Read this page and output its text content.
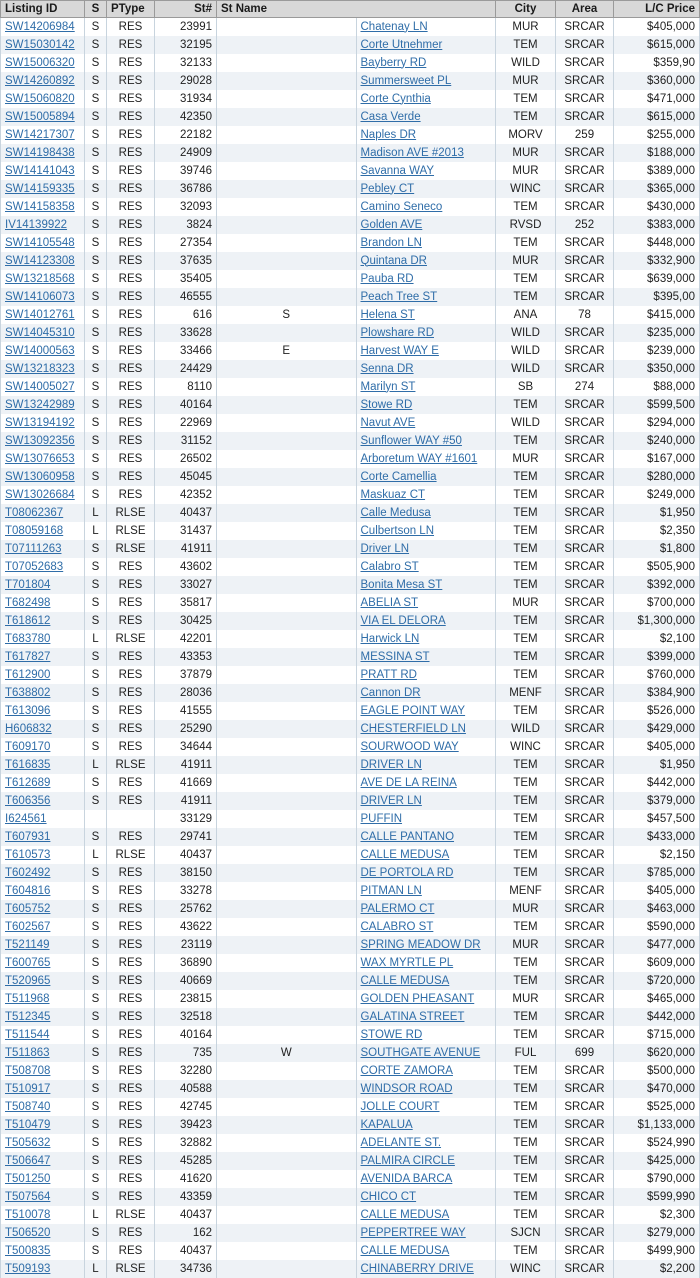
Listing ID	S	PType	St#	St Name		City	Area	L/C Price
SW14206984	S	RES	23991		Chatenay LN	MUR	SRCAR	$405,000
SW15030142	S	RES	32195		Corte Utnehmer	TEM	SRCAR	$615,000
SW15006320	S	RES	32133		Bayberry RD	WILD	SRCAR	$359,90
SW14260892	S	RES	29028		Summersweet PL	MUR	SRCAR	$360,000
SW15060820	S	RES	31934		Corte Cynthia	TEM	SRCAR	$471,000
SW15005894	S	RES	42350		Casa Verde	TEM	SRCAR	$615,000
SW14217307	S	RES	22182		Naples DR	MORV	259	$255,000
SW14198438	S	RES	24909		Madison AVE #2013	MUR	SRCAR	$188,000
SW14141043	S	RES	39746		Savanna WAY	MUR	SRCAR	$389,000
SW14159335	S	RES	36786		Pebley CT	WINC	SRCAR	$365,000
SW14158358	S	RES	32093		Camino Seneco	TEM	SRCAR	$430,000
IV14139922	S	RES	3824		Golden AVE	RVSD	252	$383,000
SW14105548	S	RES	27354		Brandon LN	TEM	SRCAR	$448,000
SW14123308	S	RES	37635		Quintana DR	MUR	SRCAR	$332,900
SW13218568	S	RES	35405		Pauba RD	TEM	SRCAR	$639,000
SW14106073	S	RES	46555		Peach Tree ST	TEM	SRCAR	$395,00
SW14012761	S	RES	616	S	Helena ST	ANA	78	$415,000
SW14045310	S	RES	33628		Plowshare RD	WILD	SRCAR	$235,000
SW14000563	S	RES	33466	E	Harvest WAY E	WILD	SRCAR	$239,000
SW13218323	S	RES	24429		Senna DR	WILD	SRCAR	$350,000
SW14005027	S	RES	8110		Marilyn ST	SB	274	$88,000
SW13242989	S	RES	40164		Stowe RD	TEM	SRCAR	$599,500
SW13194192	S	RES	22969		Navut AVE	WILD	SRCAR	$294,000
SW13092356	S	RES	31152		Sunflower WAY #50	TEM	SRCAR	$240,000
SW13076653	S	RES	26502		Arboretum WAY #1601	MUR	SRCAR	$167,000
SW13060958	S	RES	45045		Corte Camellia	TEM	SRCAR	$280,000
SW13026684	S	RES	42352		Maskuaz CT	TEM	SRCAR	$249,000
T08062367	L	RLSE	40437		Calle Medusa	TEM	SRCAR	$1,950
T08059168	L	RLSE	31437		Culbertson LN	TEM	SRCAR	$2,350
T07111263	S	RLSE	41911		Driver LN	TEM	SRCAR	$1,800
T07052683	S	RES	43602		Calabro ST	TEM	SRCAR	$505,900
T701804	S	RES	33027		Bonita Mesa ST	TEM	SRCAR	$392,000
T682498	S	RES	35817		ABELIA ST	MUR	SRCAR	$700,000
T618612	S	RES	30425		VIA EL DELORA	TEM	SRCAR	$1,300,000
T683780	L	RLSE	42201		Harwick LN	TEM	SRCAR	$2,100
T617827	S	RES	43353		MESSINA ST	TEM	SRCAR	$399,000
T612900	S	RES	37879		PRATT RD	TEM	SRCAR	$760,000
T638802	S	RES	28036		Cannon DR	MENF	SRCAR	$384,900
T613096	S	RES	41555		EAGLE POINT WAY	TEM	SRCAR	$526,000
H606832	S	RES	25290		CHESTERFIELD LN	WILD	SRCAR	$429,000
T609170	S	RES	34644		SOURWOOD WAY	WINC	SRCAR	$405,000
T616835	L	RLSE	41911		DRIVER LN	TEM	SRCAR	$1,950
T612689	S	RES	41669		AVE DE LA REINA	TEM	SRCAR	$442,000
T606356	S	RES	41911		DRIVER LN	TEM	SRCAR	$379,000
I624561			33129		PUFFIN	TEM	SRCAR	$457,500
T607931	S	RES	29741		CALLE PANTANO	TEM	SRCAR	$433,000
T610573	L	RLSE	40437		CALLE MEDUSA	TEM	SRCAR	$2,150
T602492	S	RES	38150		DE PORTOLA RD	TEM	SRCAR	$785,000
T604816	S	RES	33278		PITMAN LN	MENF	SRCAR	$405,000
T605752	S	RES	25762		PALERMO CT	MUR	SRCAR	$463,000
T602567	S	RES	43622		CALABRO ST	TEM	SRCAR	$590,000
T521149	S	RES	23119		SPRING MEADOW DR	MUR	SRCAR	$477,000
T600765	S	RES	36890		WAX MYRTLE PL	TEM	SRCAR	$609,000
T520965	S	RES	40669		CALLE MEDUSA	TEM	SRCAR	$720,000
T511968	S	RES	23815		GOLDEN PHEASANT	MUR	SRCAR	$465,000
T512345	S	RES	32518		GALATINA STREET	TEM	SRCAR	$442,000
T511544	S	RES	40164		STOWE RD	TEM	SRCAR	$715,000
T511863	S	RES	735	W	SOUTHGATE AVENUE	FUL	699	$620,000
T508708	S	RES	32280		CORTE ZAMORA	TEM	SRCAR	$500,000
T510917	S	RES	40588		WINDSOR ROAD	TEM	SRCAR	$470,000
T508740	S	RES	42745		JOLLE COURT	TEM	SRCAR	$525,000
T510479	S	RES	39423		KAPALUA	TEM	SRCAR	$1,133,000
T505632	S	RES	32882		ADELANTE ST.	TEM	SRCAR	$524,990
T506647	S	RES	45285		PALMIRA CIRCLE	TEM	SRCAR	$425,000
T501250	S	RES	41620		AVENIDA BARCA	TEM	SRCAR	$790,000
T507564	S	RES	43359		CHICO CT	TEM	SRCAR	$599,990
T510078	L	RLSE	40437		CALLE MEDUSA	TEM	SRCAR	$2,300
T506520	S	RES	162		PEPPERTREE WAY	SJCN	SRCAR	$279,000
T500835	S	RES	40437		CALLE MEDUSA	TEM	SRCAR	$499,900
T509193	L	RLSE	34736		CHINABERRY DRIVE	WINC	SRCAR	$2,200
